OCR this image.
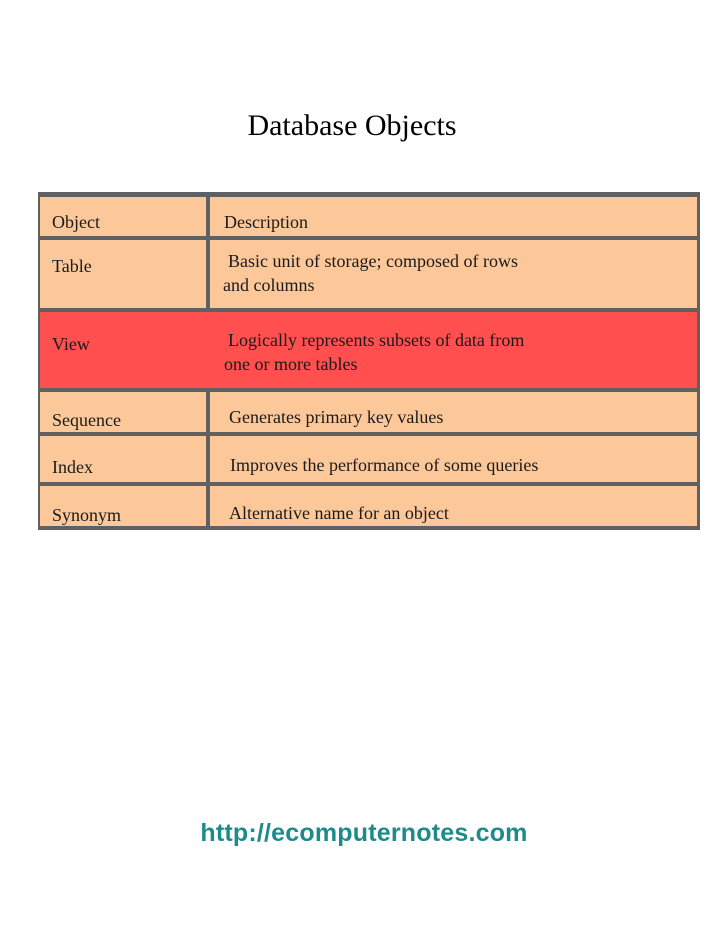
Database Objects
Object	Description
Table	Basic unit of storage; composed of rows
and columns
View	Logically represents subsets of data from
one or more tables
Sequence	Generates primary key values
Index	Improves the performance of some queries
Synonym	Alternative name for an object
http://ecomputernotes.com
